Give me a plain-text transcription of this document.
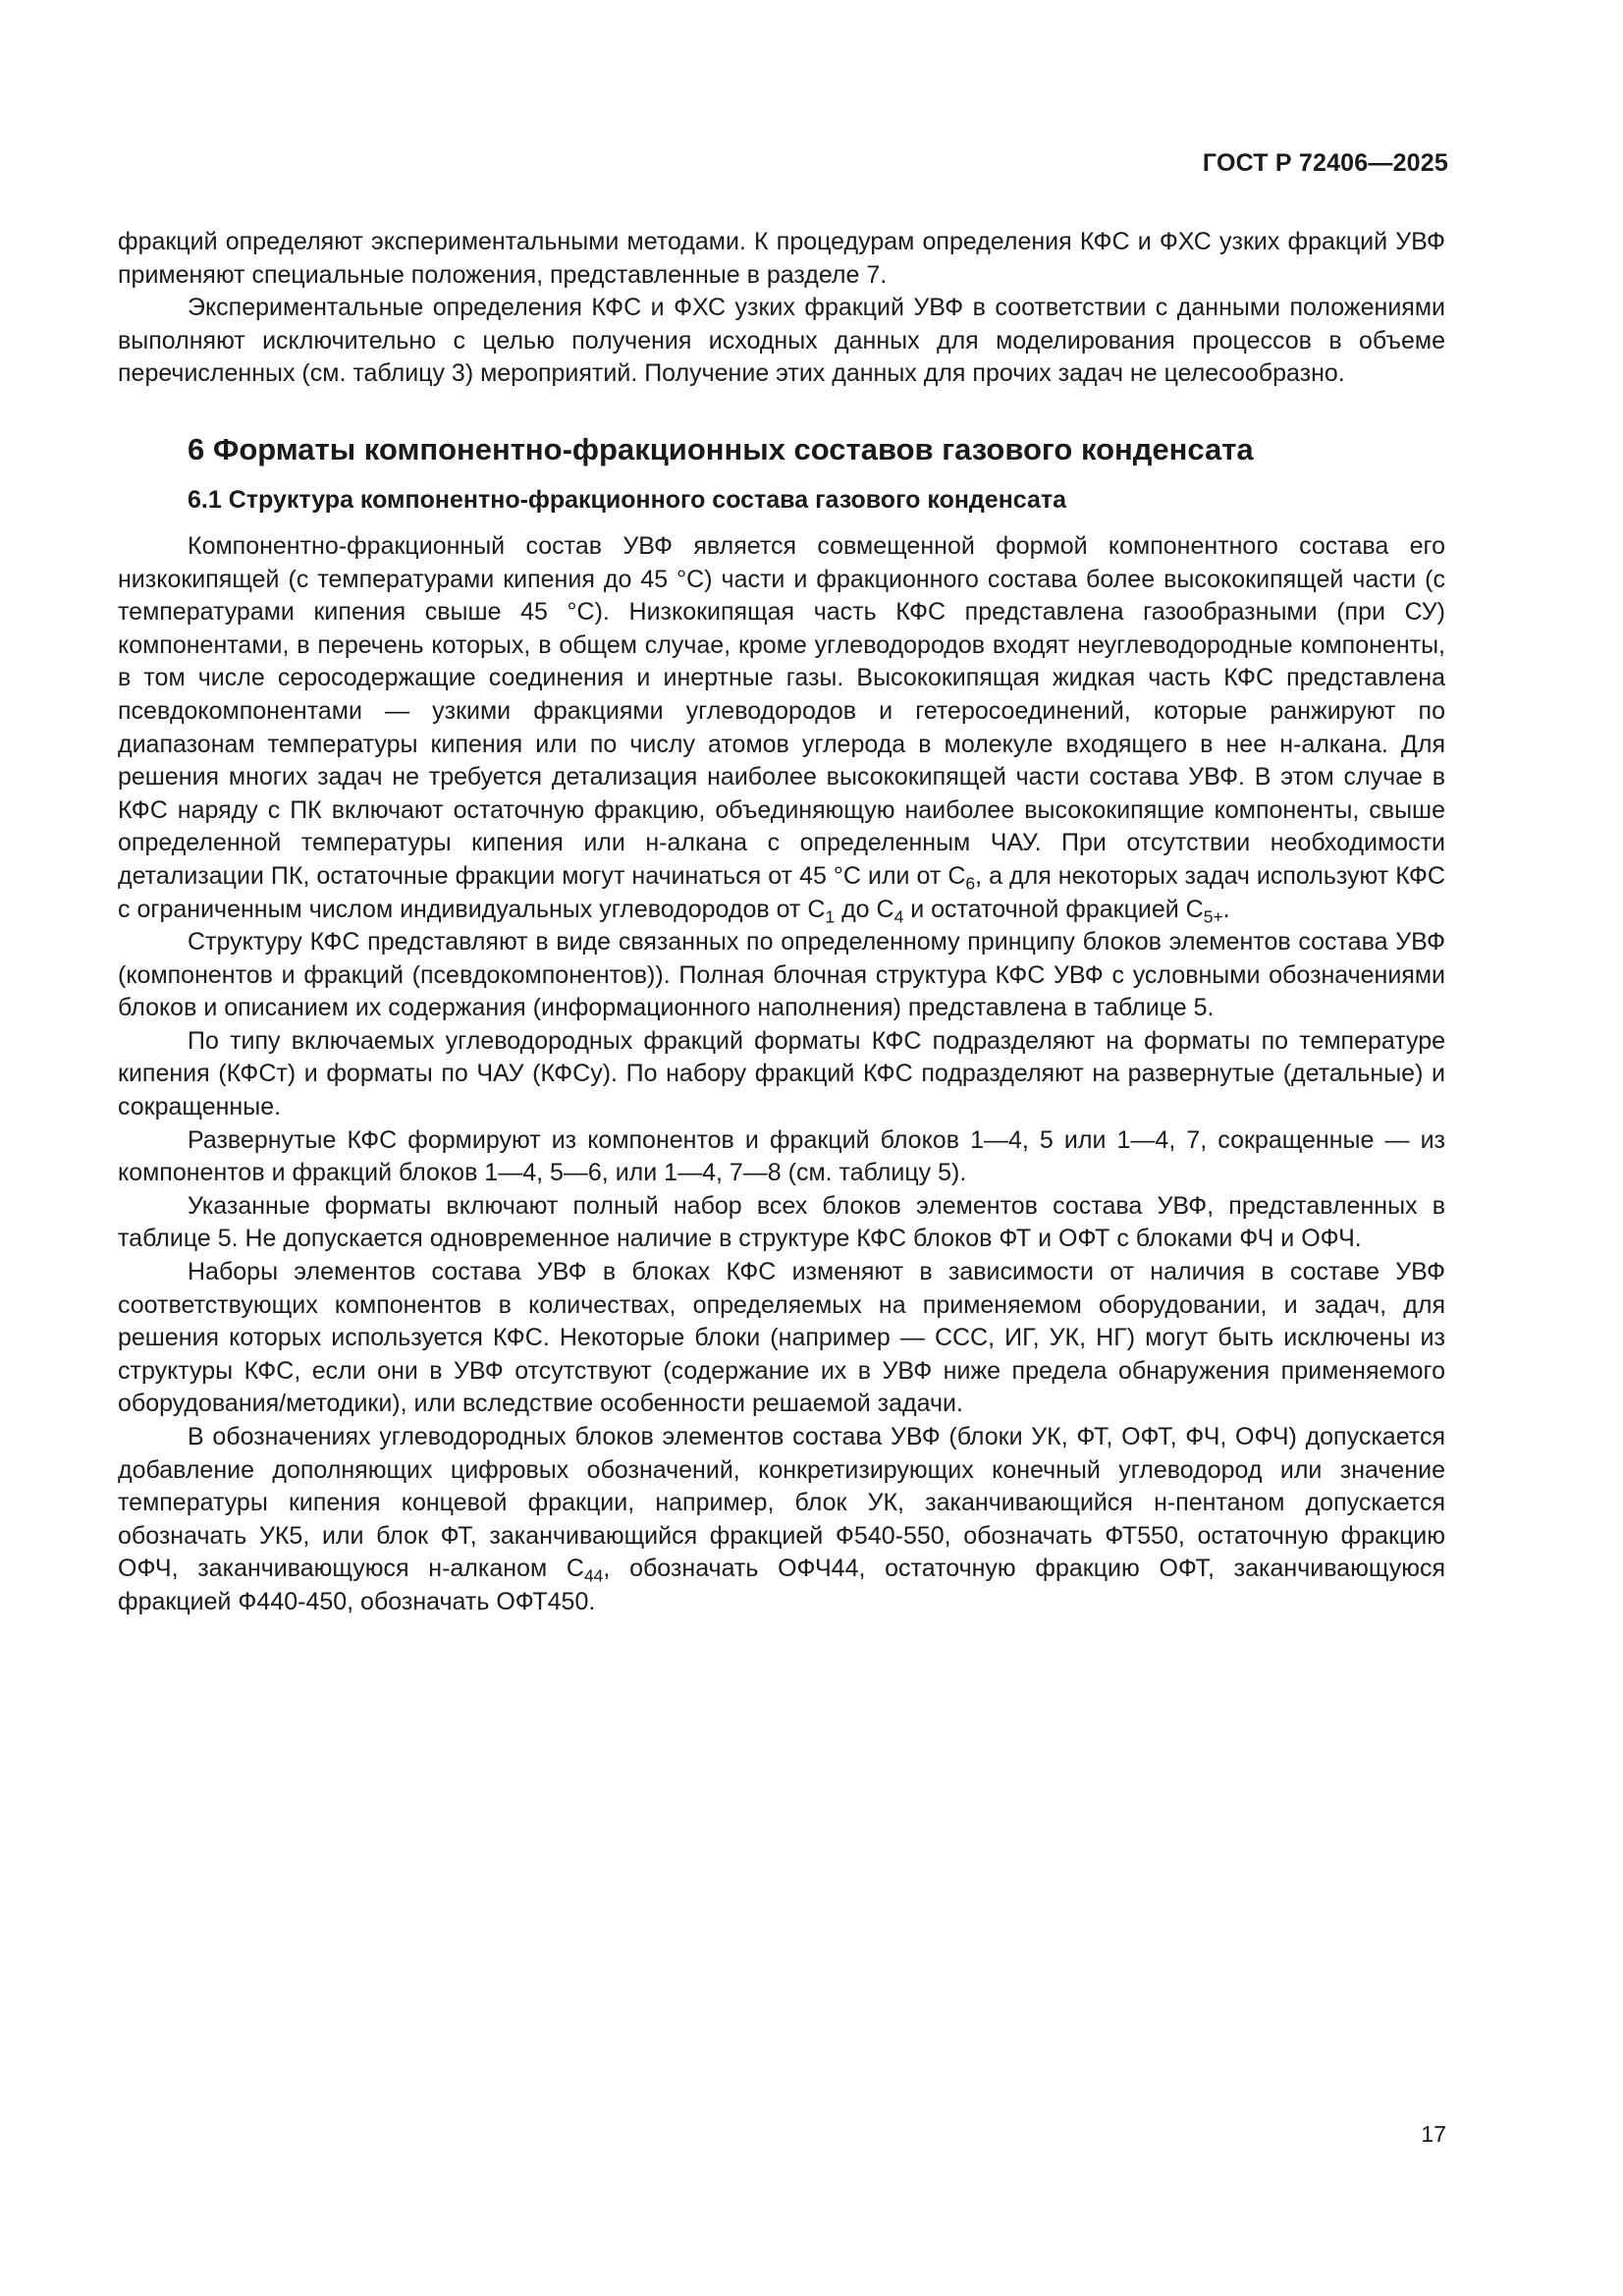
ГОСТ Р 72406—2025

фракций определяют экспериментальными методами. К процедурам определения КФС и ФХС узких фракций УВФ применяют специальные положения, представленные в разделе 7.

Экспериментальные определения КФС и ФХС узких фракций УВФ в соответствии с данными положениями выполняют исключительно с целью получения исходных данных для моделирования процессов в объеме перечисленных (см. таблицу 3) мероприятий. Получение этих данных для прочих задач не целесообразно.

6 Форматы компонентно-фракционных составов газового конденсата
6.1 Структура компонентно-фракционного состава газового конденсата

Компонентно-фракционный состав УВФ является совмещенной формой компонентного состава его низкокипящей (с температурами кипения до 45 °С) части и фракционного состава более высококипящей части (с температурами кипения свыше 45 °С). Низкокипящая часть КФС представлена газообразными (при СУ) компонентами, в перечень которых, в общем случае, кроме углеводородов входят неуглеводородные компоненты, в том числе серосодержащие соединения и инертные газы. Высококипящая жидкая часть КФС представлена псевдокомпонентами — узкими фракциями углеводородов и гетеросоединений, которые ранжируют по диапазонам температуры кипения или по числу атомов углерода в молекуле входящего в нее н-алкана. Для решения многих задач не требуется детализация наиболее высококипящей части состава УВФ. В этом случае в КФС наряду с ПК включают остаточную фракцию, объединяющую наиболее высококипящие компоненты, свыше определенной температуры кипения или н-алкана с определенным ЧАУ. При отсутствии необходимости детализации ПК, остаточные фракции могут начинаться от 45 °С или от $С_6$, а для некоторых задач используют КФС с ограниченным числом индивидуальных углеводородов от $С_1$ до $С_4$ и остаточной фракцией $С_{5+}$.

Структуру КФС представляют в виде связанных по определенному принципу блоков элементов состава УВФ (компонентов и фракций (псевдокомпонентов)). Полная блочная структура КФС УВФ с условными обозначениями блоков и описанием их содержания (информационного наполнения) представлена в таблице 5.

По типу включаемых углеводородных фракций форматы КФС подразделяют на форматы по температуре кипения (КФСт) и форматы по ЧАУ (КФСу). По набору фракций КФС подразделяют на развернутые (детальные) и сокращенные.

Развернутые КФС формируют из компонентов и фракций блоков 1—4, 5 или 1—4, 7, сокращенные — из компонентов и фракций блоков 1—4, 5—6, или 1—4, 7—8 (см. таблицу 5).

Указанные форматы включают полный набор всех блоков элементов состава УВФ, представленных в таблице 5. Не допускается одновременное наличие в структуре КФС блоков ФТ и ОФТ с блоками ФЧ и ОФЧ.

Наборы элементов состава УВФ в блоках КФС изменяют в зависимости от наличия в составе УВФ соответствующих компонентов в количествах, определяемых на применяемом оборудовании, и задач, для решения которых используется КФС. Некоторые блоки (например — ССС, ИГ, УК, НГ) могут быть исключены из структуры КФС, если они в УВФ отсутствуют (содержание их в УВФ ниже предела обнаружения применяемого оборудования/методики), или вследствие особенности решаемой задачи.

В обозначениях углеводородных блоков элементов состава УВФ (блоки УК, ФТ, ОФТ, ФЧ, ОФЧ) допускается добавление дополняющих цифровых обозначений, конкретизирующих конечный углеводород или значение температуры кипения концевой фракции, например, блок УК, заканчивающийся н-пентаном допускается обозначать УК5, или блок ФТ, заканчивающийся фракцией Ф540-550, обозначать ФТ550, остаточную фракцию ОФЧ, заканчивающуюся н-алканом $С_{44}$, обозначать ОФЧ44, остаточную фракцию ОФТ, заканчивающуюся фракцией Ф440-450, обозначать ОФТ450.

17
